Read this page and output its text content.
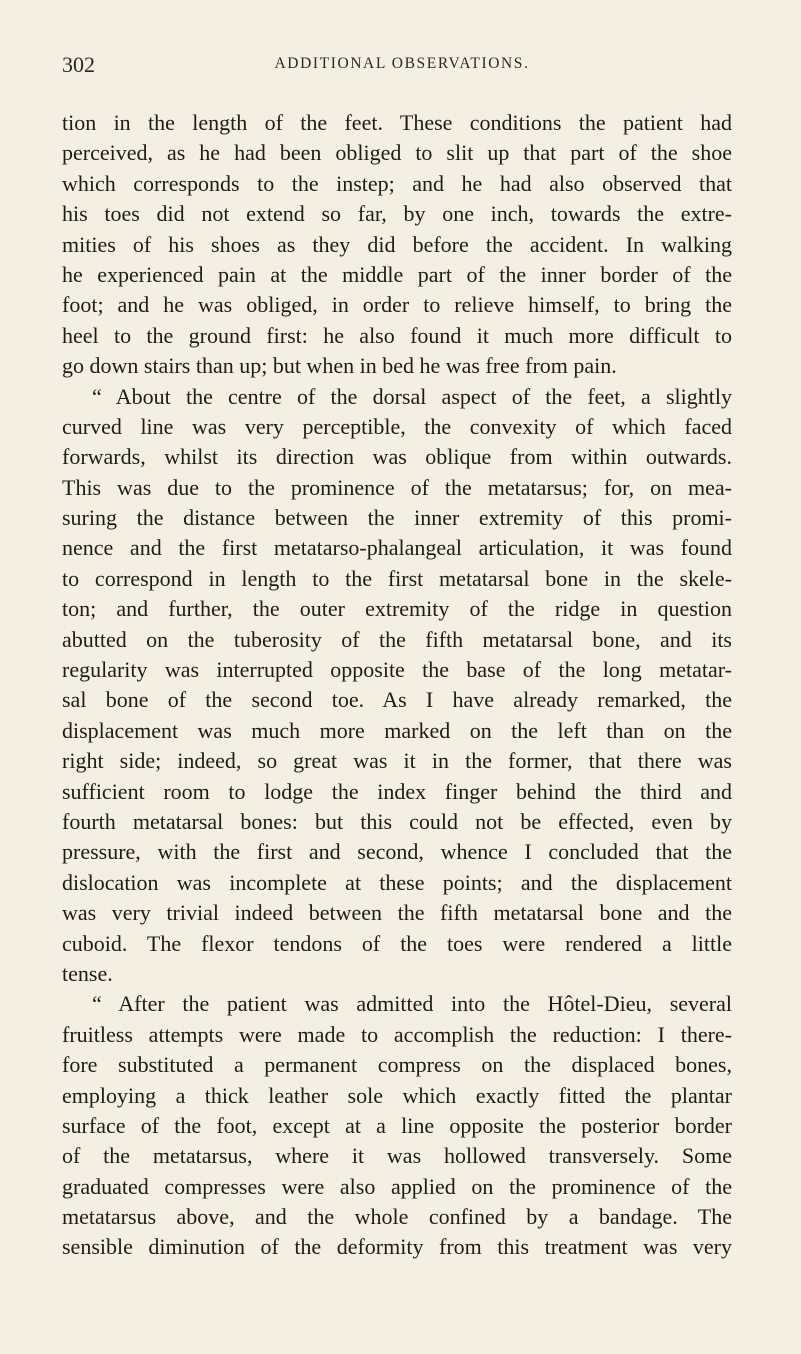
302	ADDITIONAL OBSERVATIONS.
tion in the length of the feet. These conditions the patient had
perceived, as he had been obliged to slit up that part of the shoe
which corresponds to the instep; and he had also observed that
his toes did not extend so far, by one inch, towards the extre-
mities of his shoes as they did before the accident. In walking
he experienced pain at the middle part of the inner border of the
foot; and he was obliged, in order to relieve himself, to bring the
heel to the ground first: he also found it much more difficult to
go down stairs than up; but when in bed he was free from pain.
“ About the centre of the dorsal aspect of the feet, a slightly
curved line was very perceptible, the convexity of which faced
forwards, whilst its direction was oblique from within outwards.
This was due to the prominence of the metatarsus; for, on mea-
suring the distance between the inner extremity of this promi-
nence and the first metatarso-phalangeal articulation, it was found
to correspond in length to the first metatarsal bone in the skele-
ton; and further, the outer extremity of the ridge in question
abutted on the tuberosity of the fifth metatarsal bone, and its
regularity was interrupted opposite the base of the long metatar-
sal bone of the second toe. As I have already remarked, the
displacement was much more marked on the left than on the
right side; indeed, so great was it in the former, that there was
sufficient room to lodge the index finger behind the third and
fourth metatarsal bones: but this could not be effected, even by
pressure, with the first and second, whence I concluded that the
dislocation was incomplete at these points; and the displacement
was very trivial indeed between the fifth metatarsal bone and the
cuboid. The flexor tendons of the toes were rendered a little
tense.
“ After the patient was admitted into the Hôtel-Dieu, several
fruitless attempts were made to accomplish the reduction: I there-
fore substituted a permanent compress on the displaced bones,
employing a thick leather sole which exactly fitted the plantar
surface of the foot, except at a line opposite the posterior border
of the metatarsus, where it was hollowed transversely. Some
graduated compresses were also applied on the prominence of the
metatarsus above, and the whole confined by a bandage. The
sensible diminution of the deformity from this treatment was very
